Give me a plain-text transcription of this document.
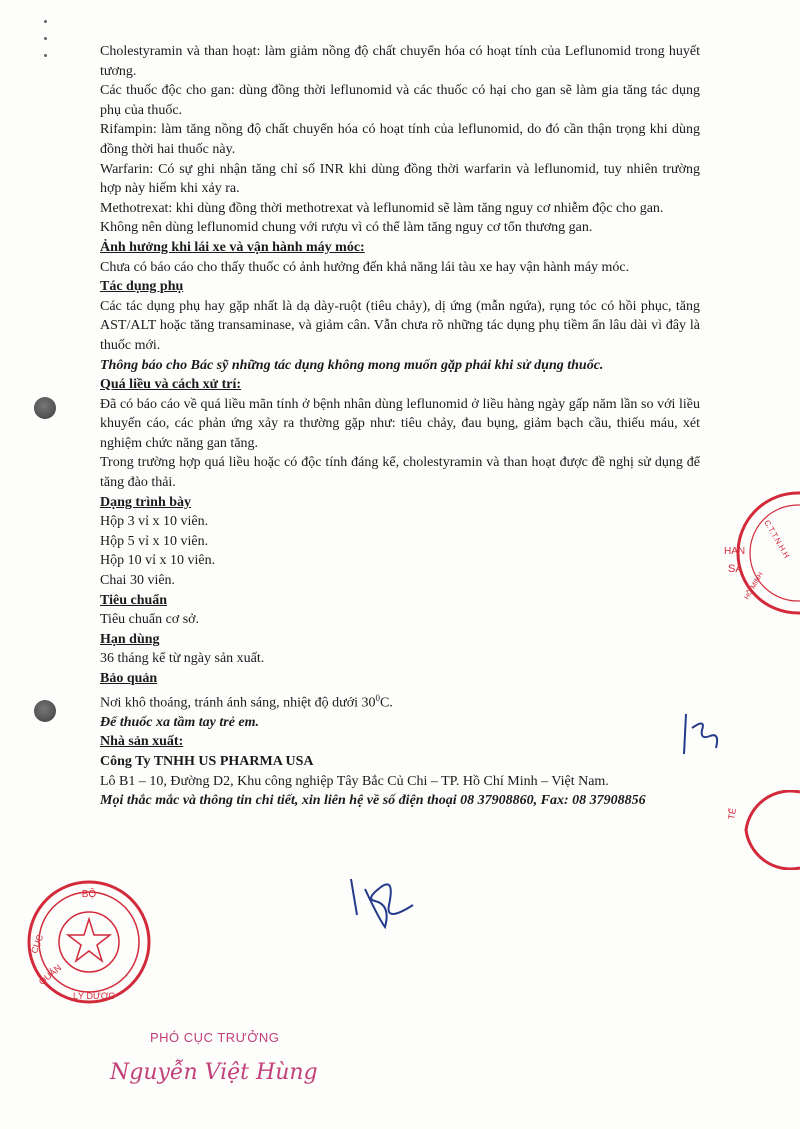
Cholestyramin và than hoạt: làm giảm nồng độ chất chuyển hóa có hoạt tính của Leflunomid trong huyết tương.

Các thuốc độc cho gan: dùng đồng thời leflunomid và các thuốc có hại cho gan sẽ làm gia tăng tác dụng phụ của thuốc.

Rifampin: làm tăng nồng độ chất chuyển hóa có hoạt tính của leflunomid, do đó cần thận trọng khi dùng đồng thời hai thuốc này.

Warfarin: Có sự ghi nhận tăng chỉ số INR khi dùng đồng thời warfarin và leflunomid, tuy nhiên trường hợp này hiếm khi xảy ra.

Methotrexat: khi dùng đồng thời methotrexat và leflunomid sẽ làm tăng nguy cơ nhiễm độc cho gan.

Không nên dùng leflunomid chung với rượu vì có thể làm tăng nguy cơ tổn thương gan.

Ảnh hưởng khi lái xe và vận hành máy móc:

Chưa có báo cáo cho thấy thuốc có ảnh hưởng đến khả năng lái tàu xe hay vận hành máy móc.

Tác dụng phụ

Các tác dụng phụ hay gặp nhất là dạ dày-ruột (tiêu chảy), dị ứng (mẫn ngứa), rụng tóc có hồi phục, tăng AST/ALT hoặc tăng transaminase, và giảm cân. Vẫn chưa rõ những tác dụng phụ tiềm ẩn lâu dài vì đây là thuốc mới.

Thông báo cho Bác sỹ những tác dụng không mong muốn gặp phải khi sử dụng thuốc.

Quá liều và cách xử trí:

Đã có báo cáo về quá liều mãn tính ở bệnh nhân dùng leflunomid ở liều hàng ngày gấp năm lần so với liều khuyến cáo, các phản ứng xảy ra thường gặp như: tiêu chảy, đau bụng, giảm bạch cầu, thiếu máu, xét nghiệm chức năng gan tăng.

Trong trường hợp quá liều hoặc có độc tính đáng kể, cholestyramin và than hoạt được đề nghị sử dụng để tăng đào thải.

Dạng trình bày

Hộp 3 vỉ x 10 viên.

Hộp 5 vỉ x 10 viên.

Hộp 10 vỉ x 10 viên.

Chai 30 viên.

Tiêu chuẩn

Tiêu chuẩn cơ sở.

Hạn dùng

36 tháng kể từ ngày sản xuất.

Bảo quản

Nơi khô thoáng, tránh ánh sáng, nhiệt độ dưới $30^0C$.

Để thuốc xa tầm tay trẻ em.

Nhà sản xuất:

Công Ty TNHH US PHARMA USA

Lô B1 – 10, Đường D2, Khu công nghiệp Tây Bắc Củ Chi – TP. Hồ Chí Minh – Việt Nam.

Mọi thắc mắc và thông tin chi tiết, xin liên hệ về số điện thoại 08 37908860, Fax: 08 37908856

BỘ
CỤC
QUẢN
LÝ DƯỢC
C.T.T.N.H.H
HAN
SA
HỒ MINH
TẾ
PHÓ CỤC TRƯỞNG
Nguyễn Việt Hùng
